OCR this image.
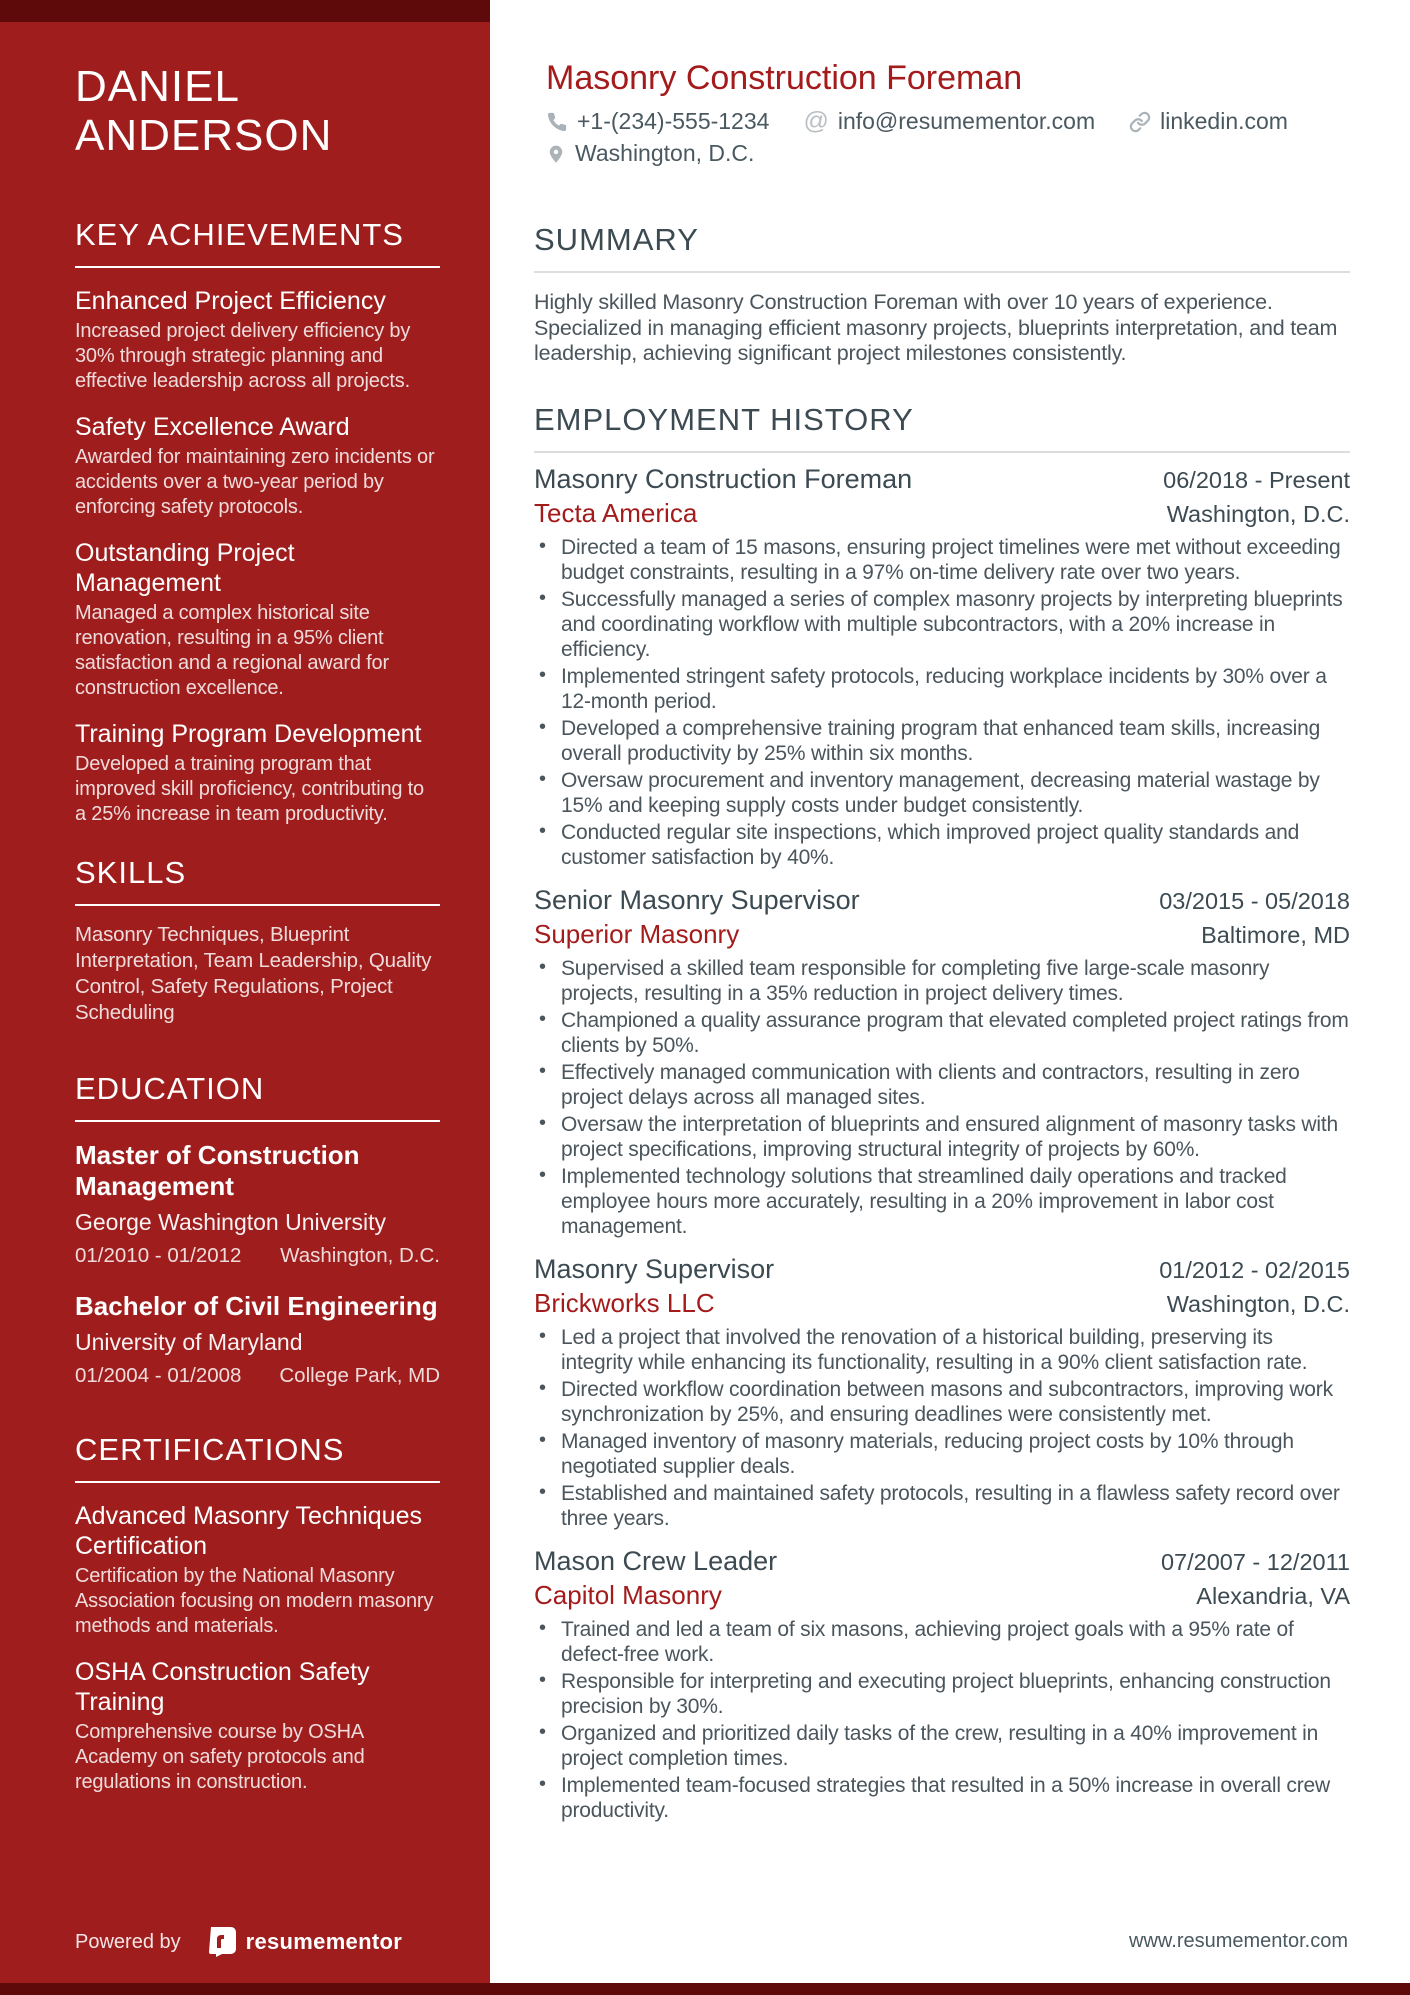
DANIEL
ANDERSON
KEY ACHIEVEMENTS
Enhanced Project Efficiency

Increased project delivery efficiency by 30% through strategic planning and effective leadership across all projects.

Safety Excellence Award

Awarded for maintaining zero incidents or accidents over a two-year period by enforcing safety protocols.

Outstanding Project Management

Managed a complex historical site renovation, resulting in a 95% client satisfaction and a regional award for construction excellence.

Training Program Development

Developed a training program that improved skill proficiency, contributing to a 25% increase in team productivity.

SKILLS

Masonry Techniques, Blueprint Interpretation, Team Leadership, Quality Control, Safety Regulations, Project Scheduling

EDUCATION
Master of Construction Management
George Washington University
01/2010 - 01/2012 Washington, D.C.
Bachelor of Civil Engineering
University of Maryland
01/2004 - 01/2008 College Park, MD
CERTIFICATIONS
Advanced Masonry Techniques Certification

Certification by the National Masonry Association focusing on modern masonry methods and materials.

OSHA Construction Safety Training

Comprehensive course by OSHA Academy on safety protocols and regulations in construction.

Powered by	resumementor
Masonry Construction Foreman
+1-(234)-555-1234 @ info@resumementor.com	linkedin.com
Washington, D.C.
SUMMARY

Highly skilled Masonry Construction Foreman with over 10 years of experience. Specialized in managing efficient masonry projects, blueprints interpretation, and team leadership, achieving significant project milestones consistently.

EMPLOYMENT HISTORY
Masonry Construction Foreman	06/2018 - Present
Tecta America	Washington, D.C.
• Directed a team of 15 masons, ensuring project timelines were met without exceeding budget constraints, resulting in a 97% on-time delivery rate over two years.
• Successfully managed a series of complex masonry projects by interpreting blueprints and coordinating workflow with multiple subcontractors, with a 20% increase in efficiency.
• Implemented stringent safety protocols, reducing workplace incidents by 30% over a 12-month period.
• Developed a comprehensive training program that enhanced team skills, increasing overall productivity by 25% within six months.
• Oversaw procurement and inventory management, decreasing material wastage by 15% and keeping supply costs under budget consistently.
• Conducted regular site inspections, which improved project quality standards and customer satisfaction by 40%.
Senior Masonry Supervisor	03/2015 - 05/2018
Superior Masonry	Baltimore, MD
• Supervised a skilled team responsible for completing five large-scale masonry projects, resulting in a 35% reduction in project delivery times.
• Championed a quality assurance program that elevated completed project ratings from clients by 50%.
• Effectively managed communication with clients and contractors, resulting in zero project delays across all managed sites.
• Oversaw the interpretation of blueprints and ensured alignment of masonry tasks with project specifications, improving structural integrity of projects by 60%.
• Implemented technology solutions that streamlined daily operations and tracked employee hours more accurately, resulting in a 20% improvement in labor cost management.
Masonry Supervisor	01/2012 - 02/2015
Brickworks LLC	Washington, D.C.
• Led a project that involved the renovation of a historical building, preserving its integrity while enhancing its functionality, resulting in a 90% client satisfaction rate.
• Directed workflow coordination between masons and subcontractors, improving work synchronization by 25%, and ensuring deadlines were consistently met.
• Managed inventory of masonry materials, reducing project costs by 10% through negotiated supplier deals.
• Established and maintained safety protocols, resulting in a flawless safety record over three years.
Mason Crew Leader	07/2007 - 12/2011
Capitol Masonry	Alexandria, VA
• Trained and led a team of six masons, achieving project goals with a 95% rate of defect-free work.
• Responsible for interpreting and executing project blueprints, enhancing construction precision by 30%.
• Organized and prioritized daily tasks of the crew, resulting in a 40% improvement in project completion times.
• Implemented team-focused strategies that resulted in a 50% increase in overall crew productivity.
www.resumementor.com
